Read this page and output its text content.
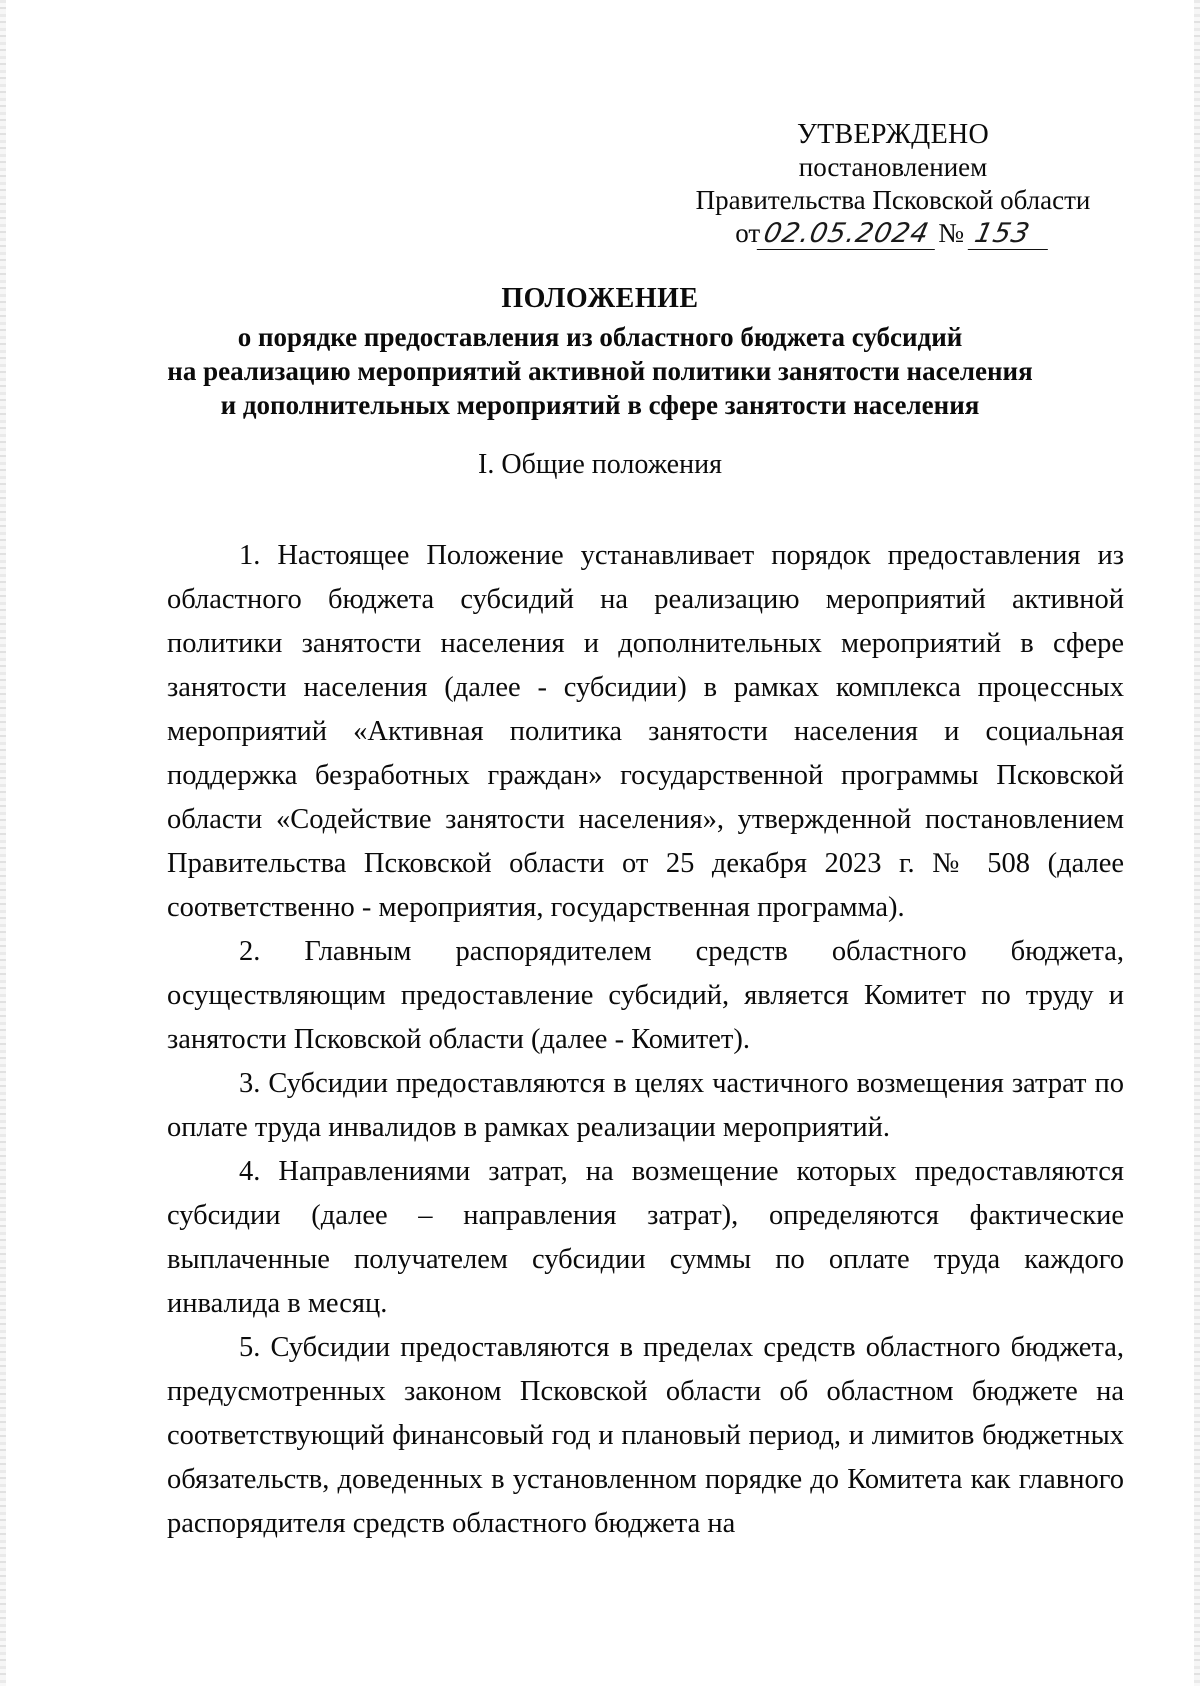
УТВЕРЖДЕНО
постановлением
Правительства Псковской области
от02.05.2024 № 153
ПОЛОЖЕНИЕ
о порядке предоставления из областного бюджета субсидий
на реализацию мероприятий активной политики занятости населения
и дополнительных мероприятий в сфере занятости населения
I. Общие положения

1. Настоящее Положение устанавливает порядок предоставления из областного бюджета субсидий на реализацию мероприятий активной политики занятости населения и дополнительных мероприятий в сфере занятости населения (далее - субсидии) в рамках комплекса процессных мероприятий «Активная политика занятости населения и социальная поддержка безработных граждан» государственной программы Псковской области «Содействие занятости населения», утвержденной постановлением Правительства Псковской области от 25 декабря 2023 г. № 508 (далее соответственно - мероприятия, государственная программа).

2. Главным распорядителем средств областного бюджета, осуществляющим предоставление субсидий, является Комитет по труду и занятости Псковской области (далее - Комитет).

3. Субсидии предоставляются в целях частичного возмещения затрат по оплате труда инвалидов в рамках реализации мероприятий.

4. Направлениями затрат, на возмещение которых предоставляются субсидии (далее – направления затрат), определяются фактические выплаченные получателем субсидии суммы по оплате труда каждого инвалида в месяц.

5. Субсидии предоставляются в пределах средств областного бюджета, предусмотренных законом Псковской области об областном бюджете на соответствующий финансовый год и плановый период, и лимитов бюджетных обязательств, доведенных в установленном порядке до Комитета как главного распорядителя средств областного бюджета на
